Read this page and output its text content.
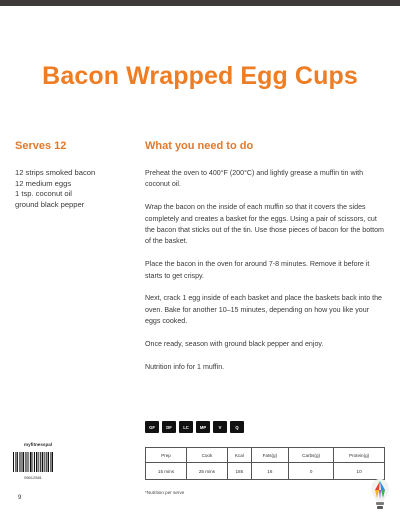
Bacon Wrapped Egg Cups
Serves 12	What you need to do
12 strips smoked bacon
12 medium eggs
1 tsp. coconut oil
ground black pepper

Preheat the oven to 400°F (200°C) and lightly grease a muffin tin with coconut oil.

Wrap the bacon on the inside of each muffin so that it covers the sides completely and creates a basket for the eggs. Using a pair of scissors, cut the bacon that sticks out of the tin. Use those pieces of bacon for the bottom of the basket.

Place the bacon in the oven for around 7-8 minutes. Remove it before it starts to get crispy.

Next, crack 1 egg inside of each basket and place the baskets back into the oven. Bake for another 10–15 minutes, depending on how you like your eggs cooked.

Once ready, season with ground black pepper and enjoy.

Nutrition info for 1 muffin.

GF	DF	LC	MP	V	Q
Prep	Cook	Kcal	Fats(g)	Carbs(g)	Protein(g)
15 mins	25 mins	185	16	0	10
*Nutrition per serve
myfitnesspal
05612581
9
